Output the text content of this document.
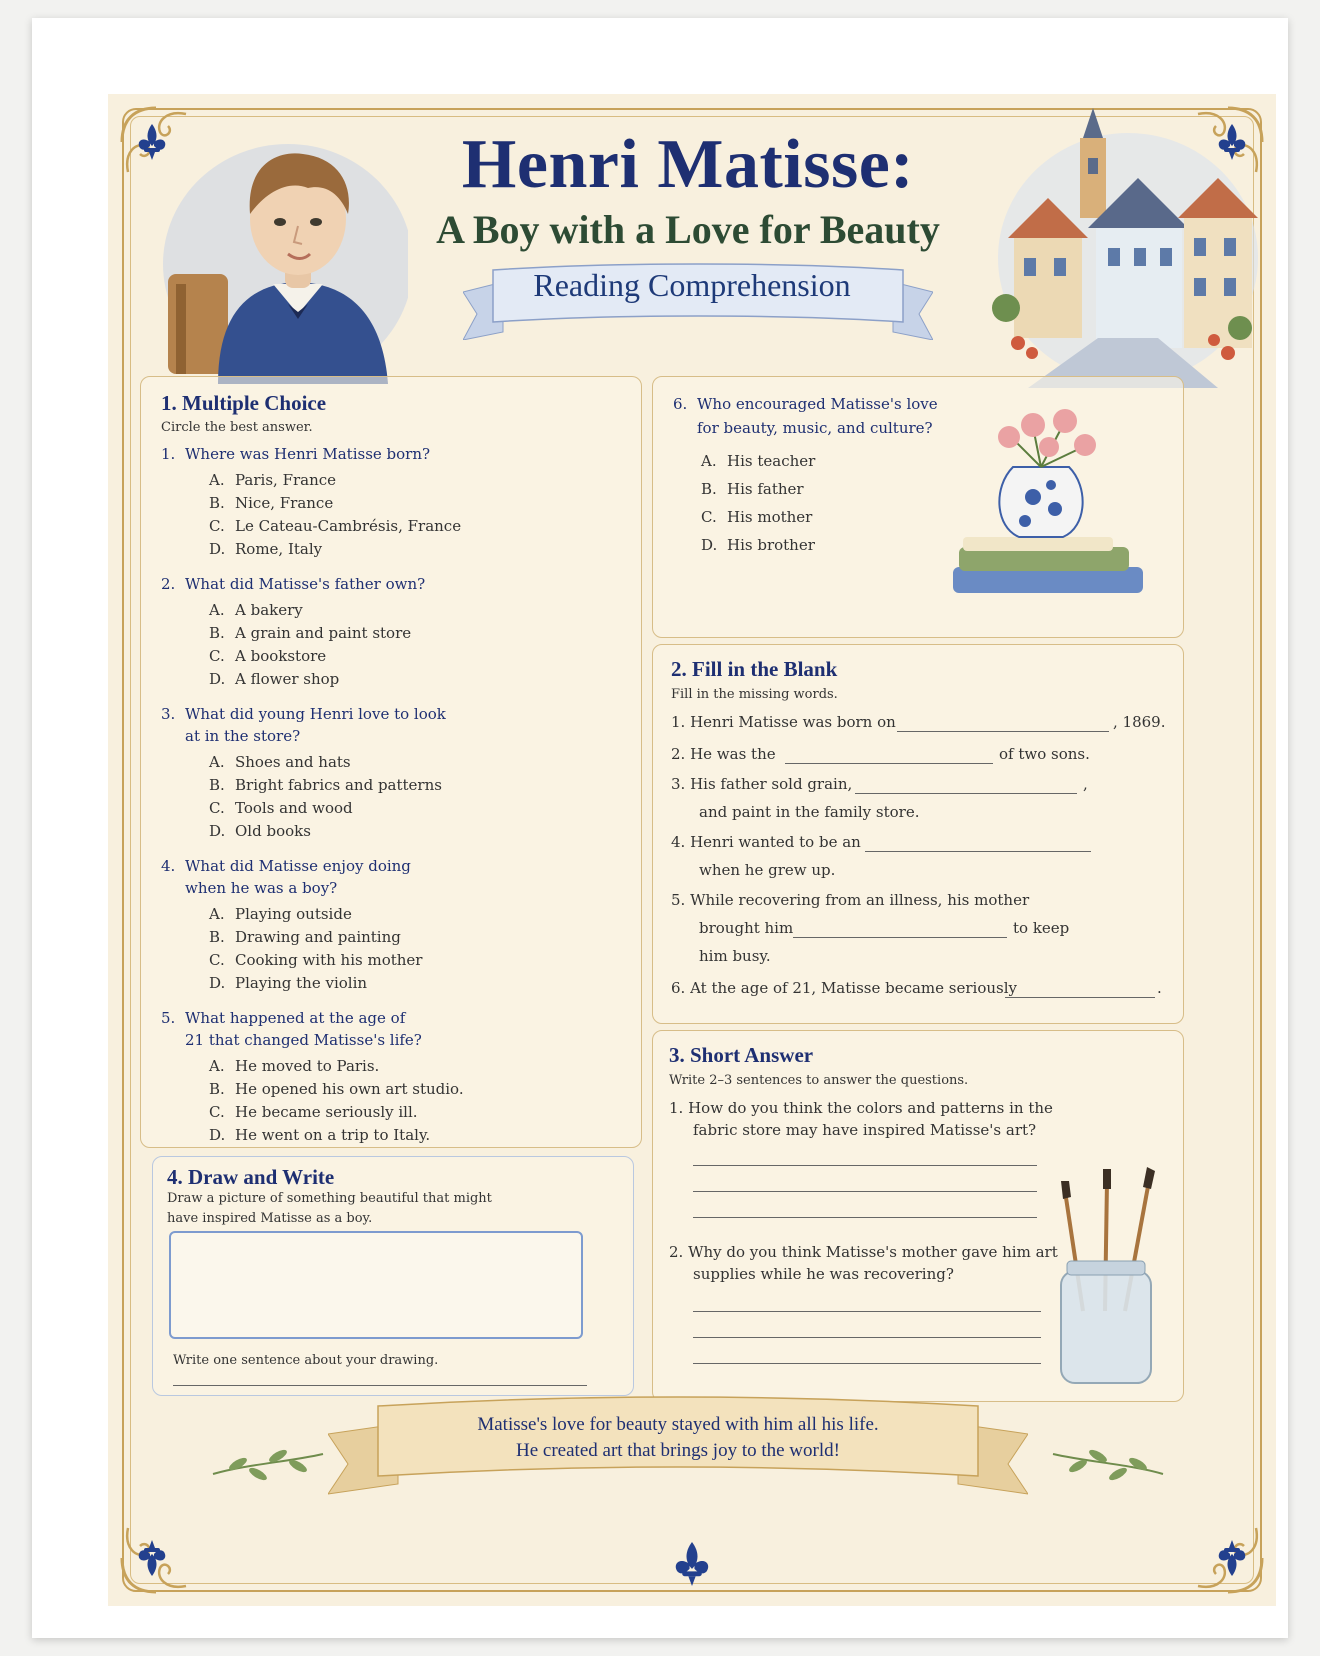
Henri Matisse:
A Boy with a Love for Beauty
Reading Comprehension
1. Multiple Choice

Circle the best answer.

1. Where was Henri Matisse born?

A. Paris, France

B. Nice, France

C. Le Cateau-Cambrésis, France

D. Rome, Italy

2. What did Matisse's father own?

A. A bakery

B. A grain and paint store

C. A bookstore

D. A flower shop

3. What did young Henri love to look

at in the store?

A. Shoes and hats

B. Bright fabrics and patterns

C. Tools and wood

D. Old books

4. What did Matisse enjoy doing

when he was a boy?

A. Playing outside

B. Drawing and painting

C. Cooking with his mother

D. Playing the violin

5. What happened at the age of

21 that changed Matisse's life?

A. He moved to Paris.

B. He opened his own art studio.

C. He became seriously ill.

D. He went on a trip to Italy.

6. Who encouraged Matisse's love

for beauty, music, and culture?

A. His teacher

B. His father

C. His mother

D. His brother

2. Fill in the Blank

Fill in the missing words.

1. Henri Matisse was born on	, 1869.
2. He was the	of two sons.
3. His father sold grain,	,
and paint in the family store.
4. Henri wanted to be an
when he grew up.
5. While recovering from an illness, his mother
brought him	to keep
him busy.
6. At the age of 21, Matisse became seriously	.
3. Short Answer

Write 2–3 sentences to answer the questions.

1. How do you think the colors and patterns in the
fabric store may have inspired Matisse's art?
2. Why do you think Matisse's mother gave him art
supplies while he was recovering?
4. Draw and Write

Draw a picture of something beautiful that might

have inspired Matisse as a boy.

Write one sentence about your drawing.

Matisse's love for beauty stayed with him all his life.
He created art that brings joy to the world!
